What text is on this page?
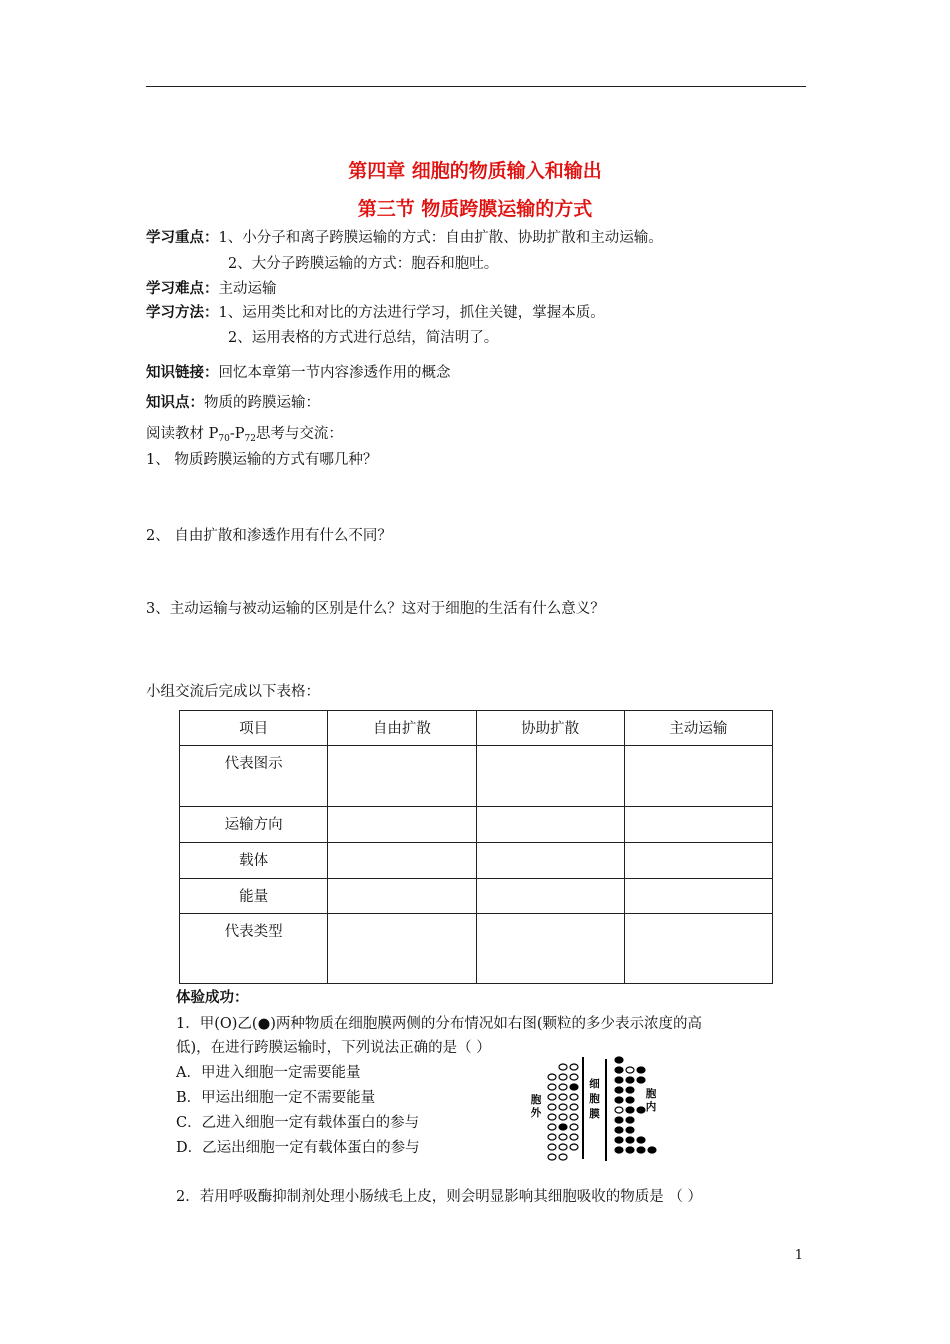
第四章 细胞的物质输入和输出
第三节 物质跨膜运输的方式
学习重点：1、小分子和离子跨膜运输的方式：自由扩散、协助扩散和主动运输。
2、大分子跨膜运输的方式：胞吞和胞吐。
学习难点：主动运输
学习方法：1、运用类比和对比的方法进行学习，抓住关键，掌握本质。
2、运用表格的方式进行总结，简洁明了。
知识链接：回忆本章第一节内容渗透作用的概念
知识点：物质的跨膜运输：
阅读教材 $P_{70}-P_{72}$思考与交流：
1、 物质跨膜运输的方式有哪几种？
2、 自由扩散和渗透作用有什么不同？
3、主动运输与被动运输的区别是什么？这对于细胞的生活有什么意义？
小组交流后完成以下表格：
项目	自由扩散	协助扩散	主动运输
代表图示			
运输方向			
载体			
能量			
代表类型			
体验成功：
1．甲(O)乙(●)两种物质在细胞膜两侧的分布情况如右图(颗粒的多少表示浓度的高
低)，在进行跨膜运输时，下列说法正确的是（ ）
A．甲进入细胞一定需要能量
B．甲运出细胞一定不需要能量
C．乙进入细胞一定有载体蛋白的参与
D．乙运出细胞一定有载体蛋白的参与
胞
外
细
胞
膜
胞
内
2．若用呼吸酶抑制剂处理小肠绒毛上皮，则会明显影响其细胞吸收的物质是 （ ）
1
